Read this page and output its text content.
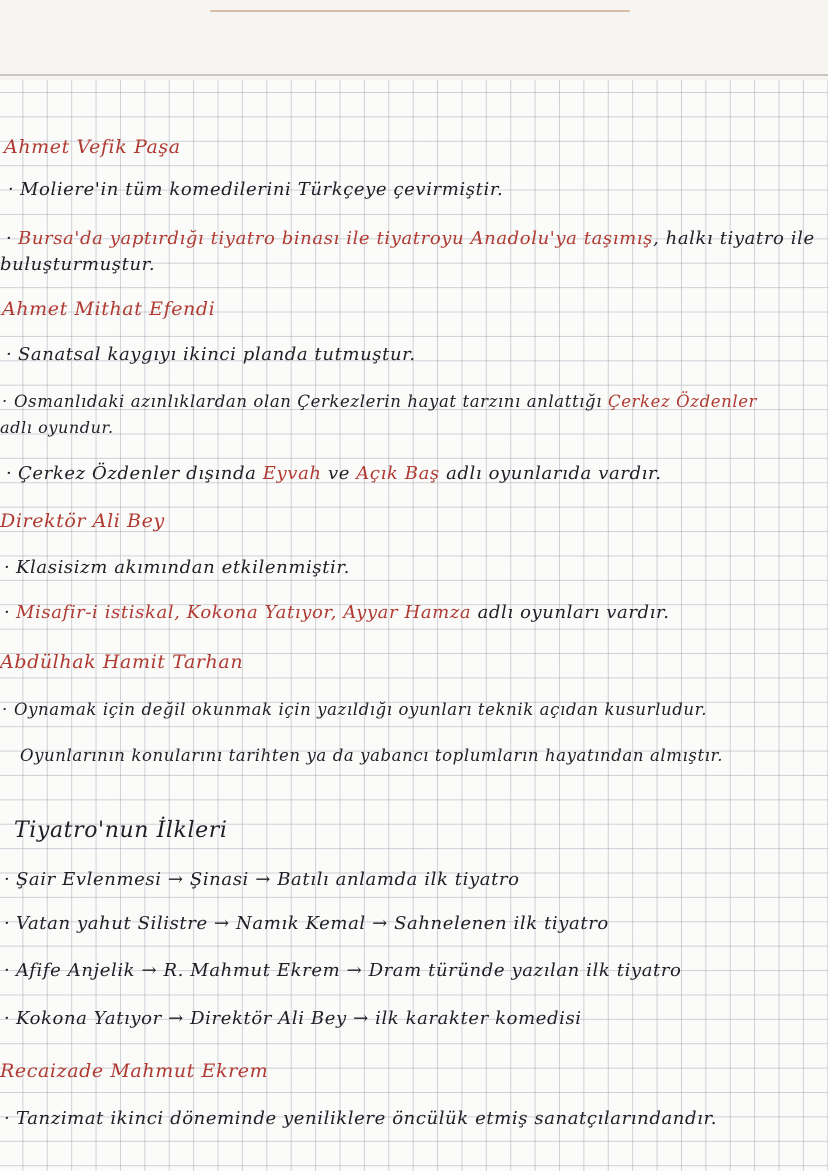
Ahmet Vefik Paşa
· Moliere'in tüm komedilerini Türkçeye çevirmiştir.
· Bursa'da yaptırdığı tiyatro binası ile tiyatroyu Anadolu'ya taşımış, halkı tiyatro ile
buluşturmuştur.
Ahmet Mithat Efendi
· Sanatsal kaygıyı ikinci planda tutmuştur.
· Osmanlıdaki azınlıklardan olan Çerkezlerin hayat tarzını anlattığı Çerkez Özdenler
adlı oyundur.
· Çerkez Özdenler dışında Eyvah ve Açık Baş adlı oyunlarıda vardır.
Direktör Ali Bey
· Klasisizm akımından etkilenmiştir.
· Misafir-i istiskal, Kokona Yatıyor, Ayyar Hamza adlı oyunları vardır.
Abdülhak Hamit Tarhan
· Oynamak için değil okunmak için yazıldığı oyunları teknik açıdan kusurludur.
Oyunlarının konularını tarihten ya da yabancı toplumların hayatından almıştır.
Tiyatro'nun İlkleri
· Şair Evlenmesi → Şinasi → Batılı anlamda ilk tiyatro
· Vatan yahut Silistre → Namık Kemal → Sahnelenen ilk tiyatro
· Afife Anjelik → R. Mahmut Ekrem → Dram türünde yazılan ilk tiyatro
· Kokona Yatıyor → Direktör Ali Bey → ilk karakter komedisi
Recaizade Mahmut Ekrem
· Tanzimat ikinci döneminde yeniliklere öncülük etmiş sanatçılarındandır.
